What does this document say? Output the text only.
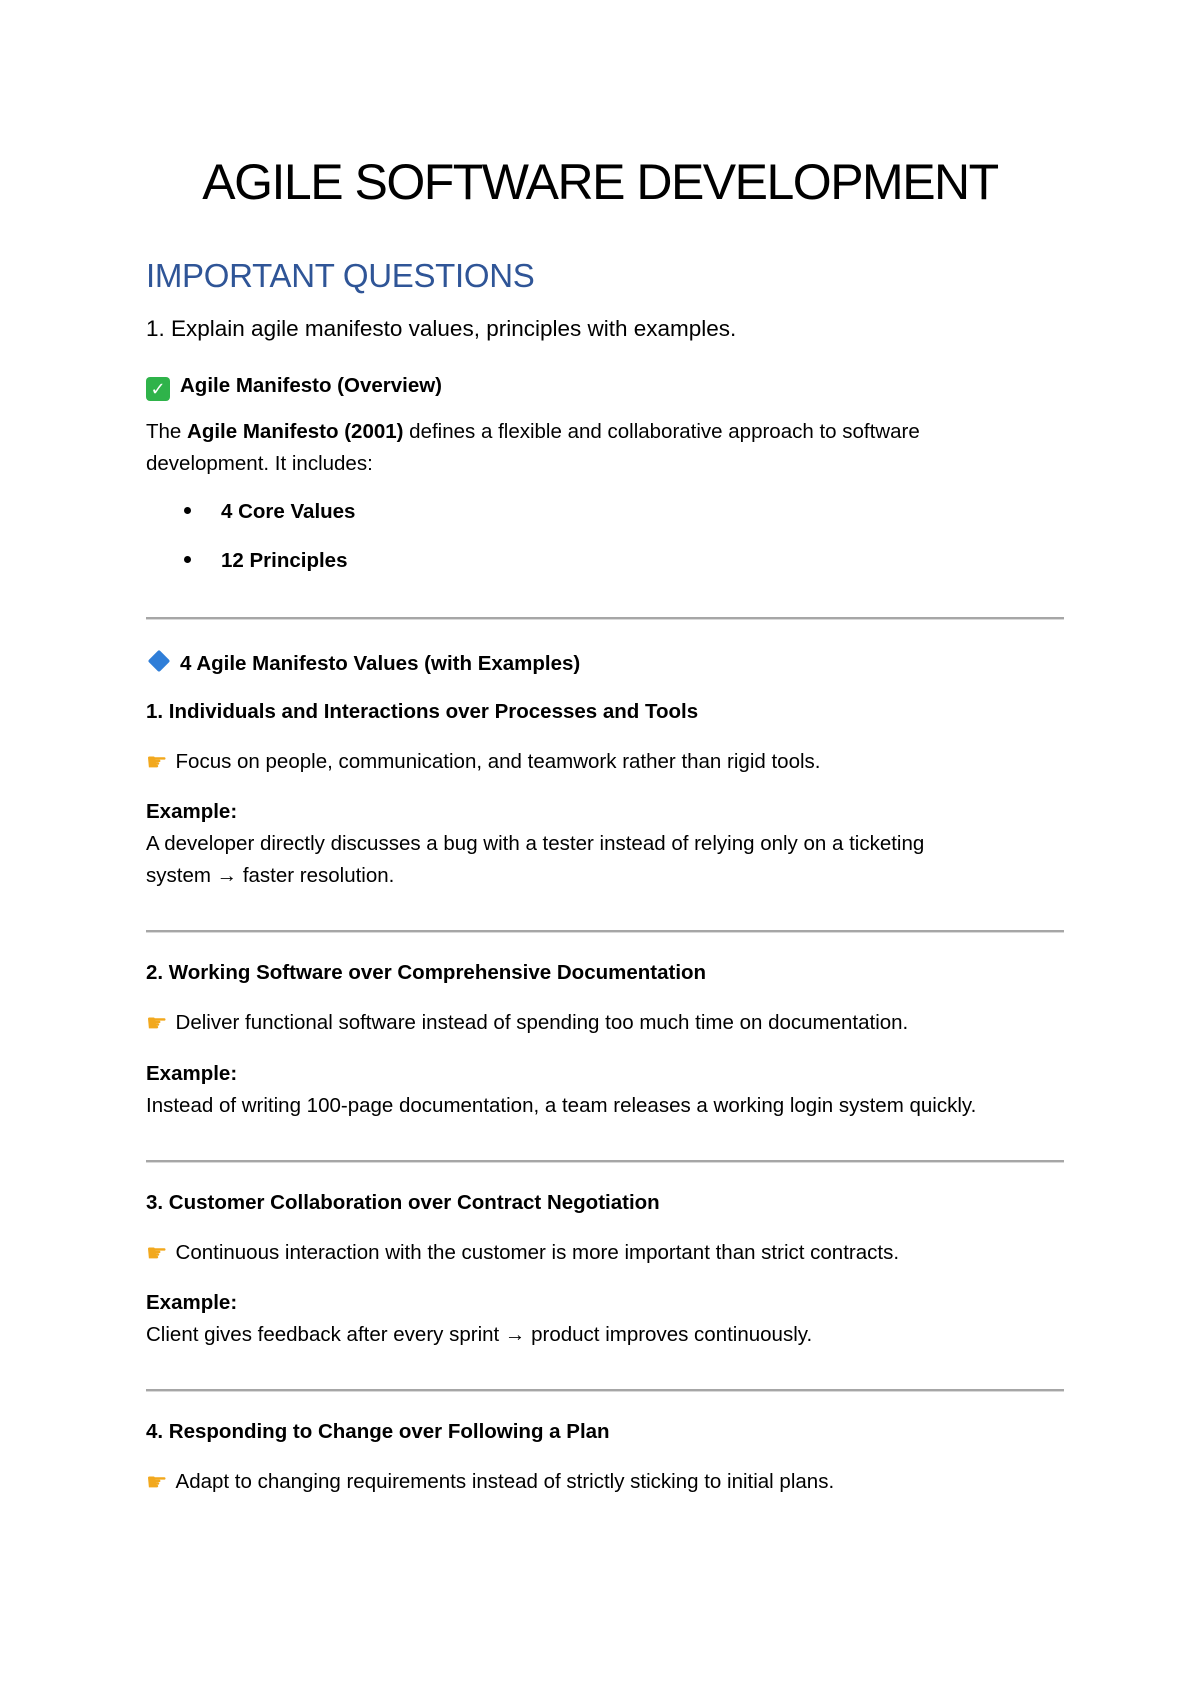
AGILE SOFTWARE DEVELOPMENT
IMPORTANT QUESTIONS
1. Explain agile manifesto values, principles with examples.
✓ Agile Manifesto (Overview)
The Agile Manifesto (2001) defines a flexible and collaborative approach to software
development. It includes:
4 Core Values
12 Principles
4 Agile Manifesto Values (with Examples)
1. Individuals and Interactions over Processes and Tools
☛ Focus on people, communication, and teamwork rather than rigid tools.
Example:
A developer directly discusses a bug with a tester instead of relying only on a ticketing
system → faster resolution.
2. Working Software over Comprehensive Documentation
☛ Deliver functional software instead of spending too much time on documentation.
Example:
Instead of writing 100-page documentation, a team releases a working login system quickly.
3. Customer Collaboration over Contract Negotiation
☛ Continuous interaction with the customer is more important than strict contracts.
Example:
Client gives feedback after every sprint → product improves continuously.
4. Responding to Change over Following a Plan
☛ Adapt to changing requirements instead of strictly sticking to initial plans.
